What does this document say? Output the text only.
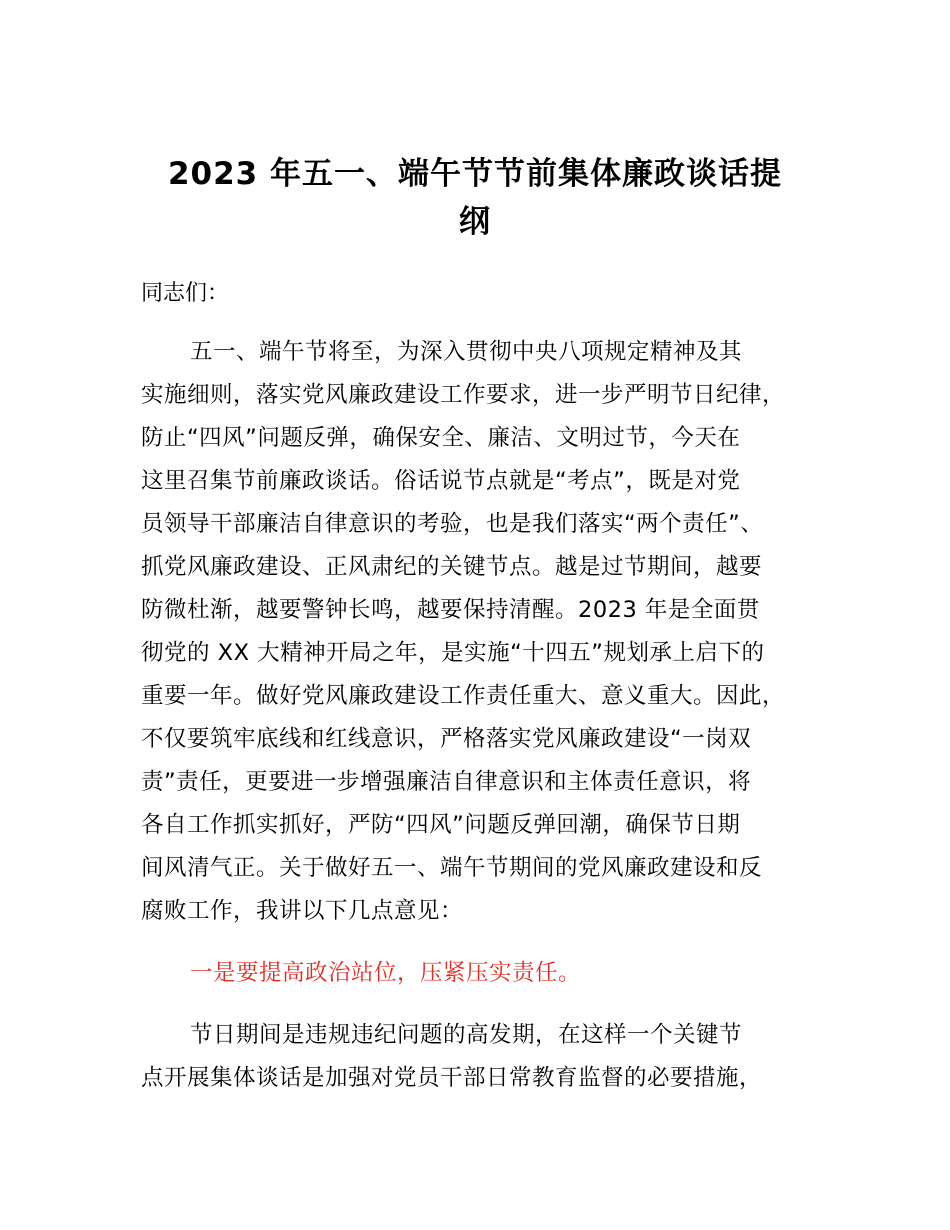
2023 年五一、端午节节前集体廉政谈话提
纲
同志们：
五一、端午节将至，为深入贯彻中央八项规定精神及其
实施细则，落实党风廉政建设工作要求，进一步严明节日纪律，
防止“四风”问题反弹，确保安全、廉洁、文明过节，今天在
这里召集节前廉政谈话。俗话说节点就是“考点”，既是对党
员领导干部廉洁自律意识的考验，也是我们落实“两个责任”、
抓党风廉政建设、正风肃纪的关键节点。越是过节期间，越要
防微杜渐，越要警钟长鸣，越要保持清醒。2023 年是全面贯
彻党的 XX 大精神开局之年，是实施“十四五”规划承上启下的
重要一年。做好党风廉政建设工作责任重大、意义重大。因此，
不仅要筑牢底线和红线意识，严格落实党风廉政建设“一岗双
责”责任，更要进一步增强廉洁自律意识和主体责任意识，将
各自工作抓实抓好，严防“四风”问题反弹回潮，确保节日期
间风清气正。关于做好五一、端午节期间的党风廉政建设和反
腐败工作，我讲以下几点意见：
一是要提高政治站位，压紧压实责任。
节日期间是违规违纪问题的高发期，在这样一个关键节
点开展集体谈话是加强对党员干部日常教育监督的必要措施，
